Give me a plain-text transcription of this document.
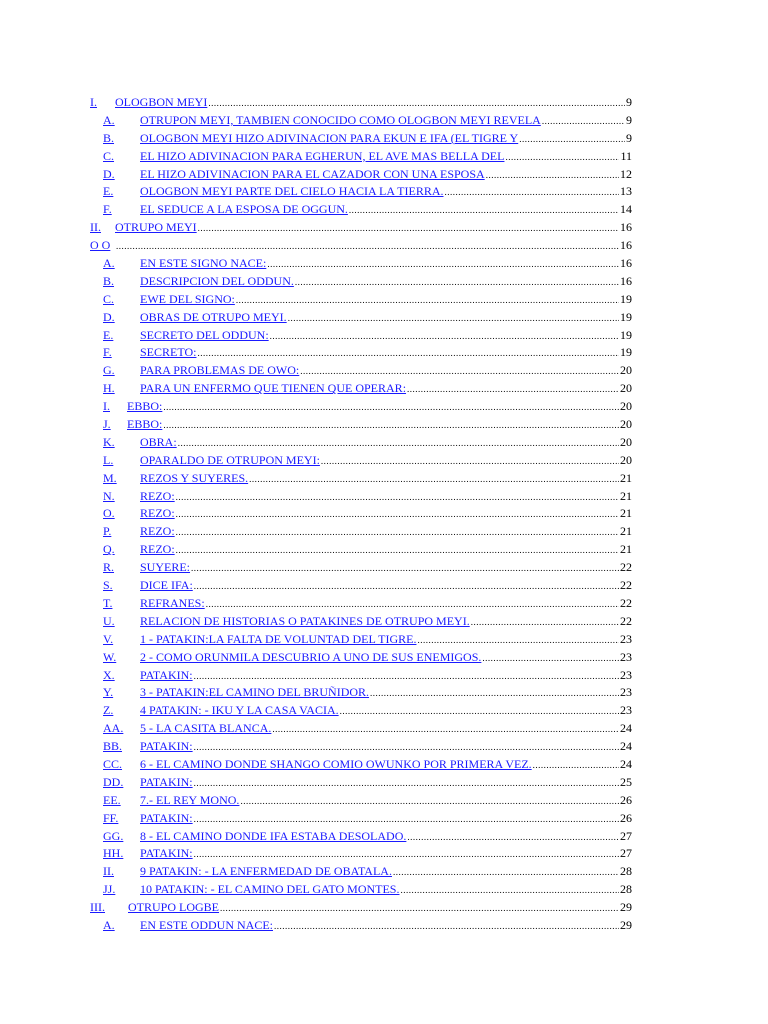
I.	OLOGBON MEYI .....	9
A.	OTRUPON MEYI, TAMBIEN CONOCIDO COMO OLOGBON MEYI REVELA .....	9
B.	OLOGBON MEYI HIZO ADIVINACION PARA EKUN E IFA (EL TIGRE Y .....	9
C.	EL HIZO ADIVINACION PARA EGHERUN, EL AVE MAS BELLA DEL .....	11
D.	EL HIZO ADIVINACION PARA EL CAZADOR CON UNA ESPOSA .....	12
E.	OLOGBON MEYI PARTE DEL CIELO HACIA LA TIERRA. .....	13
F.	EL SEDUCE A LA ESPOSA DE OGGUN. .....	14
II.	OTRUPO MEYI .....	16
O O .....	16
A.	EN ESTE SIGNO NACE: .....	16
B.	DESCRIPCION DEL ODDUN. .....	16
C.	EWE DEL SIGNO: .....	19
D.	OBRAS DE OTRUPO MEYI. .....	19
E.	SECRETO DEL ODDUN: .....	19
F.	SECRETO: .....	19
G.	PARA PROBLEMAS DE OWO: .....	20
H.	PARA UN ENFERMO QUE TIENEN QUE OPERAR: .....	20
I.	EBBO: .....	20
J.	EBBO: .....	20
K.	OBRA: .....	20
L.	OPARALDO DE OTRUPON MEYI: .....	20
M.	REZOS Y SUYERES. .....	21
N.	REZO: .....	21
O.	REZO: .....	21
P.	REZO: .....	21
Q.	REZO: .....	21
R.	SUYERE: .....	22
S.	DICE IFA: .....	22
T.	REFRANES: .....	22
U.	RELACION DE HISTORIAS O PATAKINES DE OTRUPO MEYI. .....	22
V.	1 - PATAKIN:LA FALTA DE VOLUNTAD DEL TIGRE. .....	23
W.	2 - COMO ORUNMILA DESCUBRIO A UNO DE SUS ENEMIGOS. .....	23
X.	PATAKIN: .....	23
Y.	3 - PATAKIN:EL CAMINO DEL BRUÑIDOR. .....	23
Z.	4 PATAKIN: - IKU Y LA CASA VACIA. .....	23
AA.	5 - LA CASITA BLANCA. .....	24
BB.	PATAKIN: .....	24
CC.	6 - EL CAMINO DONDE SHANGO COMIO OWUNKO POR PRIMERA VEZ. .....	24
DD.	PATAKIN: .....	25
EE.	7.- EL REY MONO. .....	26
FF.	PATAKIN: .....	26
GG.	8 - EL CAMINO DONDE IFA ESTABA DESOLADO. .....	27
HH.	PATAKIN: .....	27
II.	9 PATAKIN: - LA ENFERMEDAD DE OBATALA. .....	28
JJ.	10 PATAKIN: - EL CAMINO DEL GATO MONTES. .....	28
III.	OTRUPO LOGBE .....	29
A.	EN ESTE ODDUN NACE: .....	29
